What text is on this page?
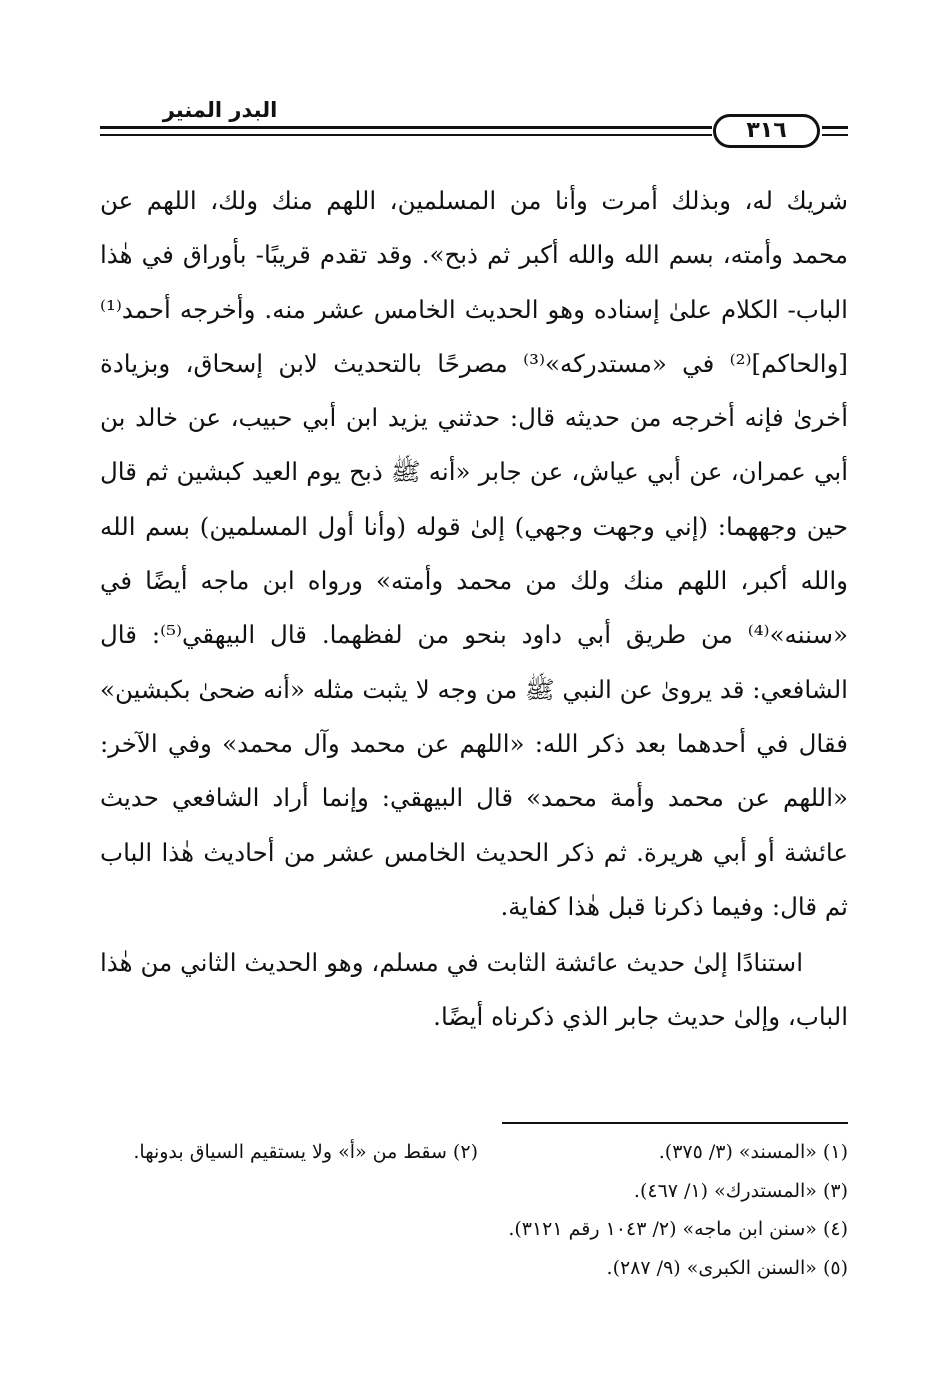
البدر المنير
٣١٦

شريك له، وبذلك أمرت وأنا من المسلمين، اللهم منك ولك، اللهم عن محمد وأمته، بسم الله والله أكبر ثم ذبح». وقد تقدم قريبًا- بأوراق في هٰذا الباب- الكلام علىٰ إسناده وهو الحديث الخامس عشر منه. وأخرجه أحمد⁽¹⁾ [والحاكم]⁽²⁾ في «مستدركه»⁽³⁾ مصرحًا بالتحديث لابن إسحاق، وبزيادة أخرىٰ فإنه أخرجه من حديثه قال: حدثني يزيد ابن أبي حبيب، عن خالد بن أبي عمران، عن أبي عياش، عن جابر «أنه ﷺ ذبح يوم العيد كبشين ثم قال حين وجههما: (إني وجهت وجهي) إلىٰ قوله (وأنا أول المسلمين) بسم الله والله أكبر، اللهم منك ولك من محمد وأمته» ورواه ابن ماجه أيضًا في «سننه»⁽⁴⁾ من طريق أبي داود بنحو من لفظهما. قال البيهقي⁽⁵⁾: قال الشافعي: قد يروىٰ عن النبي ﷺ من وجه لا يثبت مثله «أنه ضحىٰ بكبشين» فقال في أحدهما بعد ذكر الله: «اللهم عن محمد وآل محمد» وفي الآخر: «اللهم عن محمد وأمة محمد» قال البيهقي: وإنما أراد الشافعي حديث عائشة أو أبي هريرة. ثم ذكر الحديث الخامس عشر من أحاديث هٰذا الباب ثم قال: وفيما ذكرنا قبل هٰذا كفاية.

استنادًا إلىٰ حديث عائشة الثابت في مسلم، وهو الحديث الثاني من هٰذا الباب، وإلىٰ حديث جابر الذي ذكرناه أيضًا.

(١) «المسند» (٣/ ٣٧٥).
(٢) سقط من «أ» ولا يستقيم السياق بدونها.
(٣) «المستدرك» (١/ ٤٦٧).
(٤) «سنن ابن ماجه» (٢/ ١٠٤٣ رقم ٣١٢١).
(٥) «السنن الكبرى» (٩/ ٢٨٧).
